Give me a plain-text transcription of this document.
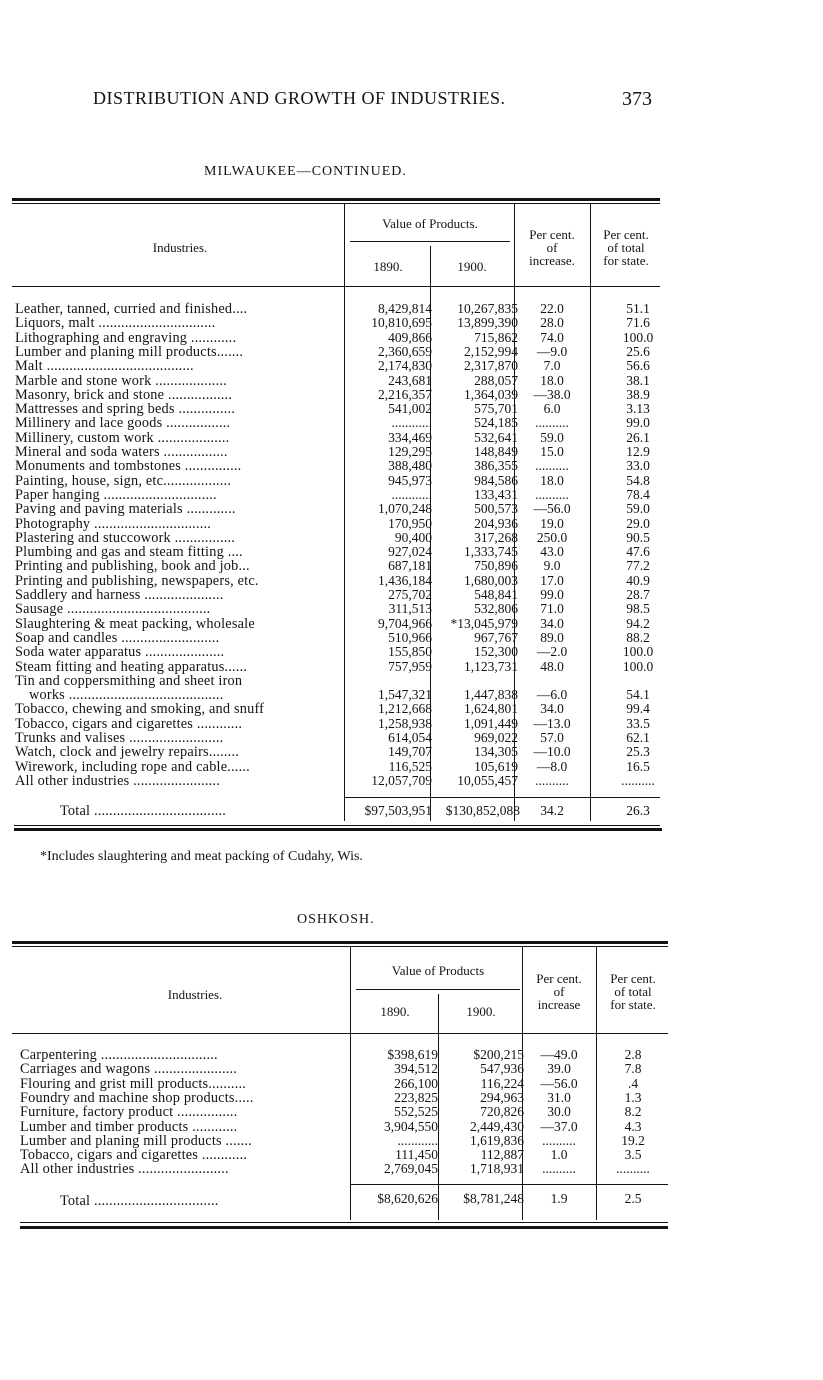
DISTRIBUTION AND GROWTH OF INDUSTRIES.	373
MILWAUKEE—CONTINUED.
Industries.
Value of Products.
1890.	1900.
Per cent.
of
increase.
Per cent.
of total
for state.
Leather, tanned, curried and finished....	8,429,814	10,267,835	22.0	51.1
Liquors, malt ...............................	10,810,695	13,899,390	28.0	71.6
Lithographing and engraving ............	409,866	715,862	74.0	100.0
Lumber and planing mill products.......	2,360,659	2,152,994	—9.0	25.6
Malt .......................................	2,174,830	2,317,870	7.0	56.6
Marble and stone work ...................	243,681	288,057	18.0	38.1
Masonry, brick and stone .................	2,216,357	1,364,039	—38.0	38.9
Mattresses and spring beds ...............	541,002	575,701	6.0	3.13
Millinery and lace goods .................	............	524,185	..........	99.0
Millinery, custom work ...................	334,469	532,641	59.0	26.1
Mineral and soda waters .................	129,295	148,849	15.0	12.9
Monuments and tombstones ...............	388,480	386,355	..........	33.0
Painting, house, sign, etc..................	945,973	984,586	18.0	54.8
Paper hanging ..............................	............	133,431	..........	78.4
Paving and paving materials .............	1,070,248	500,573	—56.0	59.0
Photography ...............................	170,950	204,936	19.0	29.0
Plastering and stuccowork ................	90,400	317,268	250.0	90.5
Plumbing and gas and steam fitting ....	927,024	1,333,745	43.0	47.6
Printing and publishing, book and job...	687,181	750,896	9.0	77.2
Printing and publishing, newspapers, etc.	1,436,184	1,680,003	17.0	40.9
Saddlery and harness .....................	275,702	548,841	99.0	28.7
Sausage ......................................	311,513	532,806	71.0	98.5
Slaughtering & meat packing, wholesale	9,704,966	*13,045,979	34.0	94.2
Soap and candles ..........................	510,966	967,767	89.0	88.2
Soda water apparatus .....................	155,850	152,300	—2.0	100.0
Steam fitting and heating apparatus......	757,959	1,123,731	48.0	100.0
Tin and coppersmithing and sheet iron
works .........................................	1,547,321	1,447,838	—6.0	54.1
Tobacco, chewing and smoking, and snuff	1,212,668	1,624,801	34.0	99.4
Tobacco, cigars and cigarettes ............	1,258,938	1,091,449	—13.0	33.5
Trunks and valises .........................	614,054	969,022	57.0	62.1
Watch, clock and jewelry repairs........	149,707	134,305	—10.0	25.3
Wirework, including rope and cable......	116,525	105,619	—8.0	16.5
All other industries .......................	12,057,709	10,055,457	..........	..........
Total ...................................	$97,503,951	$130,852,088	34.2	26.3
*Includes slaughtering and meat packing of Cudahy, Wis.
OSHKOSH.
Industries.
Value of Products
1890.	1900.
Per cent.
of
increase
Per cent.
of total
for state.
Carpentering ...............................	$398,619	$200,215	—49.0	2.8
Carriages and wagons ......................	394,512	547,936	39.0	7.8
Flouring and grist mill products..........	266,100	116,224	—56.0	.4
Foundry and machine shop products.....	223,825	294,963	31.0	1.3
Furniture, factory product ................	552,525	720,826	30.0	8.2
Lumber and timber products ............	3,904,550	2,449,430	—37.0	4.3
Lumber and planing mill products .......	............	1,619,836	..........	19.2
Tobacco, cigars and cigarettes ............	111,450	112,887	1.0	3.5
All other industries ........................	2,769,045	1,718,931	..........	..........
Total .................................	$8,620,626	$8,781,248	1.9	2.5
